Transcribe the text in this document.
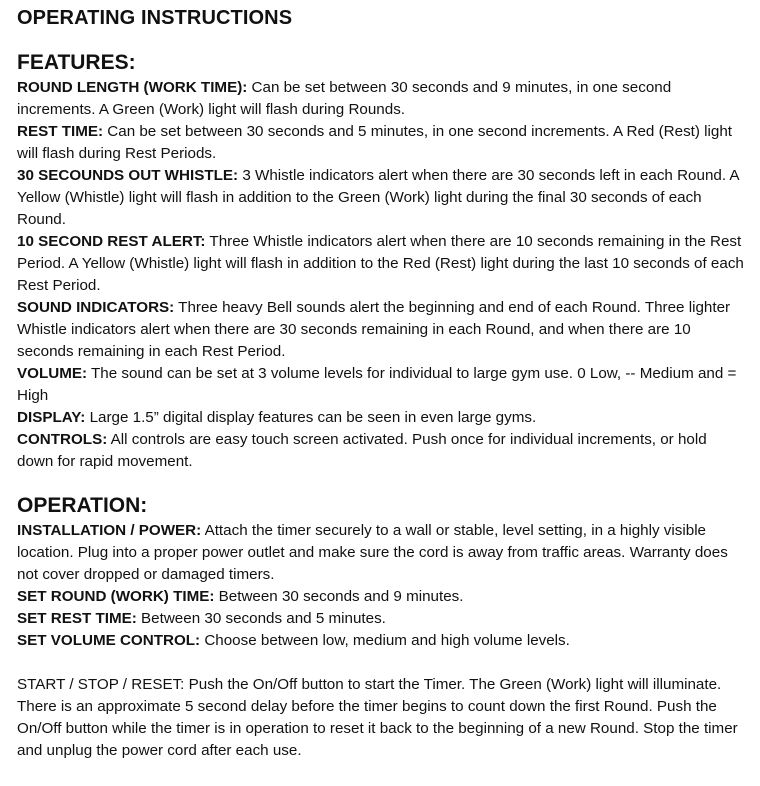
OPERATING INSTRUCTIONS
FEATURES:

ROUND LENGTH (WORK TIME): Can be set between 30 seconds and 9 minutes, in one second increments. A Green (Work) light will flash during Rounds.

REST TIME: Can be set between 30 seconds and 5 minutes, in one second increments. A Red (Rest) light will flash during Rest Periods.

30 SECOUNDS OUT WHISTLE: 3 Whistle indicators alert when there are 30 seconds left in each Round. A Yellow (Whistle) light will flash in addition to the Green (Work) light during the final 30 seconds of each Round.

10 SECOND REST ALERT: Three Whistle indicators alert when there are 10 seconds remaining in the Rest Period. A Yellow (Whistle) light will flash in addition to the Red (Rest) light during the last 10 seconds of each Rest Period.

SOUND INDICATORS: Three heavy Bell sounds alert the beginning and end of each Round. Three lighter Whistle indicators alert when there are 30 seconds remaining in each Round, and when there are 10 seconds remaining in each Rest Period.

VOLUME: The sound can be set at 3 volume levels for individual to large gym use. 0 Low, -- Medium and = High

DISPLAY: Large 1.5” digital display features can be seen in even large gyms.

CONTROLS: All controls are easy touch screen activated. Push once for individual increments, or hold down for rapid movement.

OPERATION:

INSTALLATION / POWER: Attach the timer securely to a wall or stable, level setting, in a highly visible location. Plug into a proper power outlet and make sure the cord is away from traffic areas. Warranty does not cover dropped or damaged timers.

SET ROUND (WORK) TIME: Between 30 seconds and 9 minutes.

SET REST TIME: Between 30 seconds and 5 minutes.

SET VOLUME CONTROL: Choose between low, medium and high volume levels.

START / STOP / RESET: Push the On/Off button to start the Timer. The Green (Work) light will illuminate. There is an approximate 5 second delay before the timer begins to count down the first Round. Push the On/Off button while the timer is in operation to reset it back to the beginning of a new Round. Stop the timer and unplug the power cord after each use.
